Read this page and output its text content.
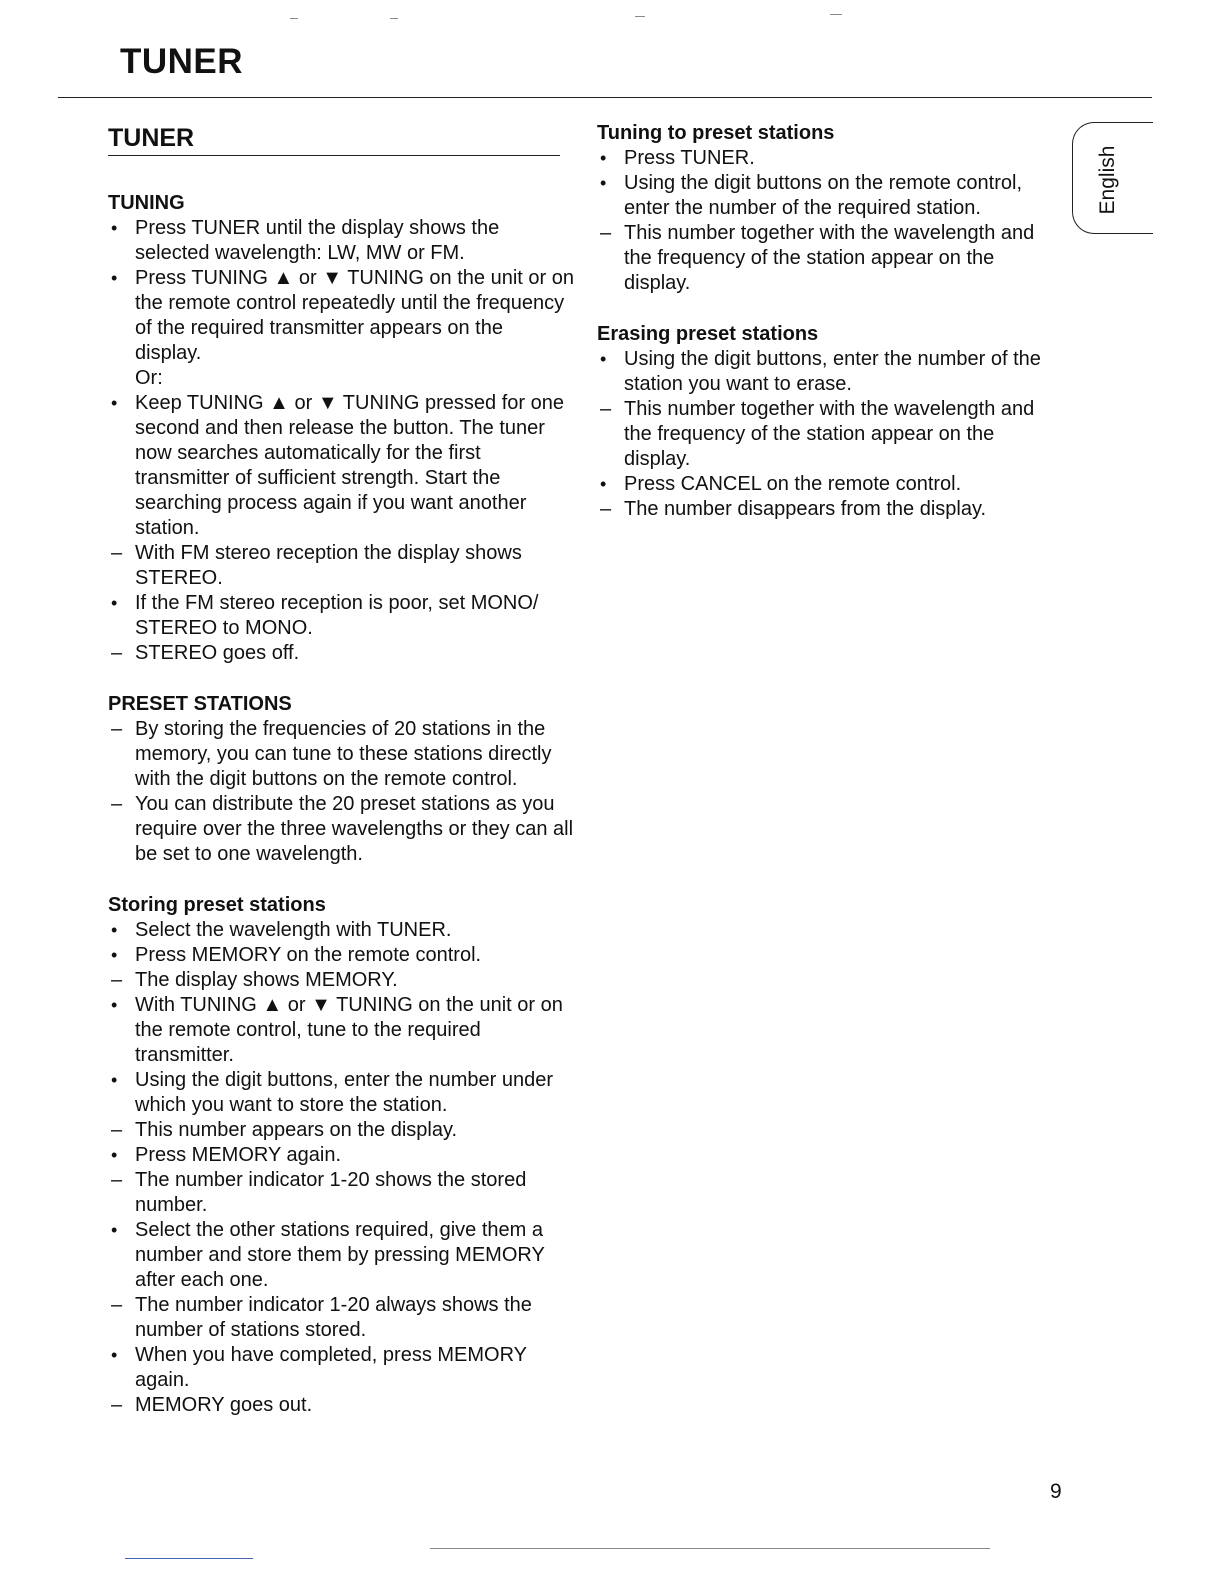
TUNER
English
TUNER
TUNING
•
Press TUNER until the display shows the selected wavelength: LW, MW or FM.
•
Press TUNING ▲ or ▼ TUNING on the unit or on the remote control repeatedly until the frequency of the required transmitter appears on the display.
Or:
•
Keep TUNING ▲ or ▼ TUNING pressed for one second and then release the button. The tuner now searches automatically for the first transmitter of sufficient strength. Start the searching process again if you want another station.
–
With FM stereo reception the display shows STEREO.
•
If the FM stereo reception is poor, set MONO/ STEREO to MONO.
–
STEREO goes off.
PRESET STATIONS
–
By storing the frequencies of 20 stations in the memory, you can tune to these stations directly with the digit buttons on the remote control.
–
You can distribute the 20 preset stations as you require over the three wavelengths or they can all be set to one wavelength.
Storing preset stations
•
Select the wavelength with TUNER.
•
Press MEMORY on the remote control.
–
The display shows MEMORY.
•
With TUNING ▲ or ▼ TUNING on the unit or on the remote control, tune to the required transmitter.
•
Using the digit buttons, enter the number under which you want to store the station.
–
This number appears on the display.
•
Press MEMORY again.
–
The number indicator 1-20 shows the stored number.
•
Select the other stations required, give them a number and store them by pressing MEMORY after each one.
–
The number indicator 1-20 always shows the number of stations stored.
•
When you have completed, press MEMORY again.
–
MEMORY goes out.
Tuning to preset stations
•
Press TUNER.
•
Using the digit buttons on the remote control, enter the number of the required station.
–
This number together with the wavelength and the frequency of the station appear on the display.
Erasing preset stations
•
Using the digit buttons, enter the number of the station you want to erase.
–
This number together with the wavelength and the frequency of the station appear on the display.
•
Press CANCEL on the remote control.
–
The number disappears from the display.
9
